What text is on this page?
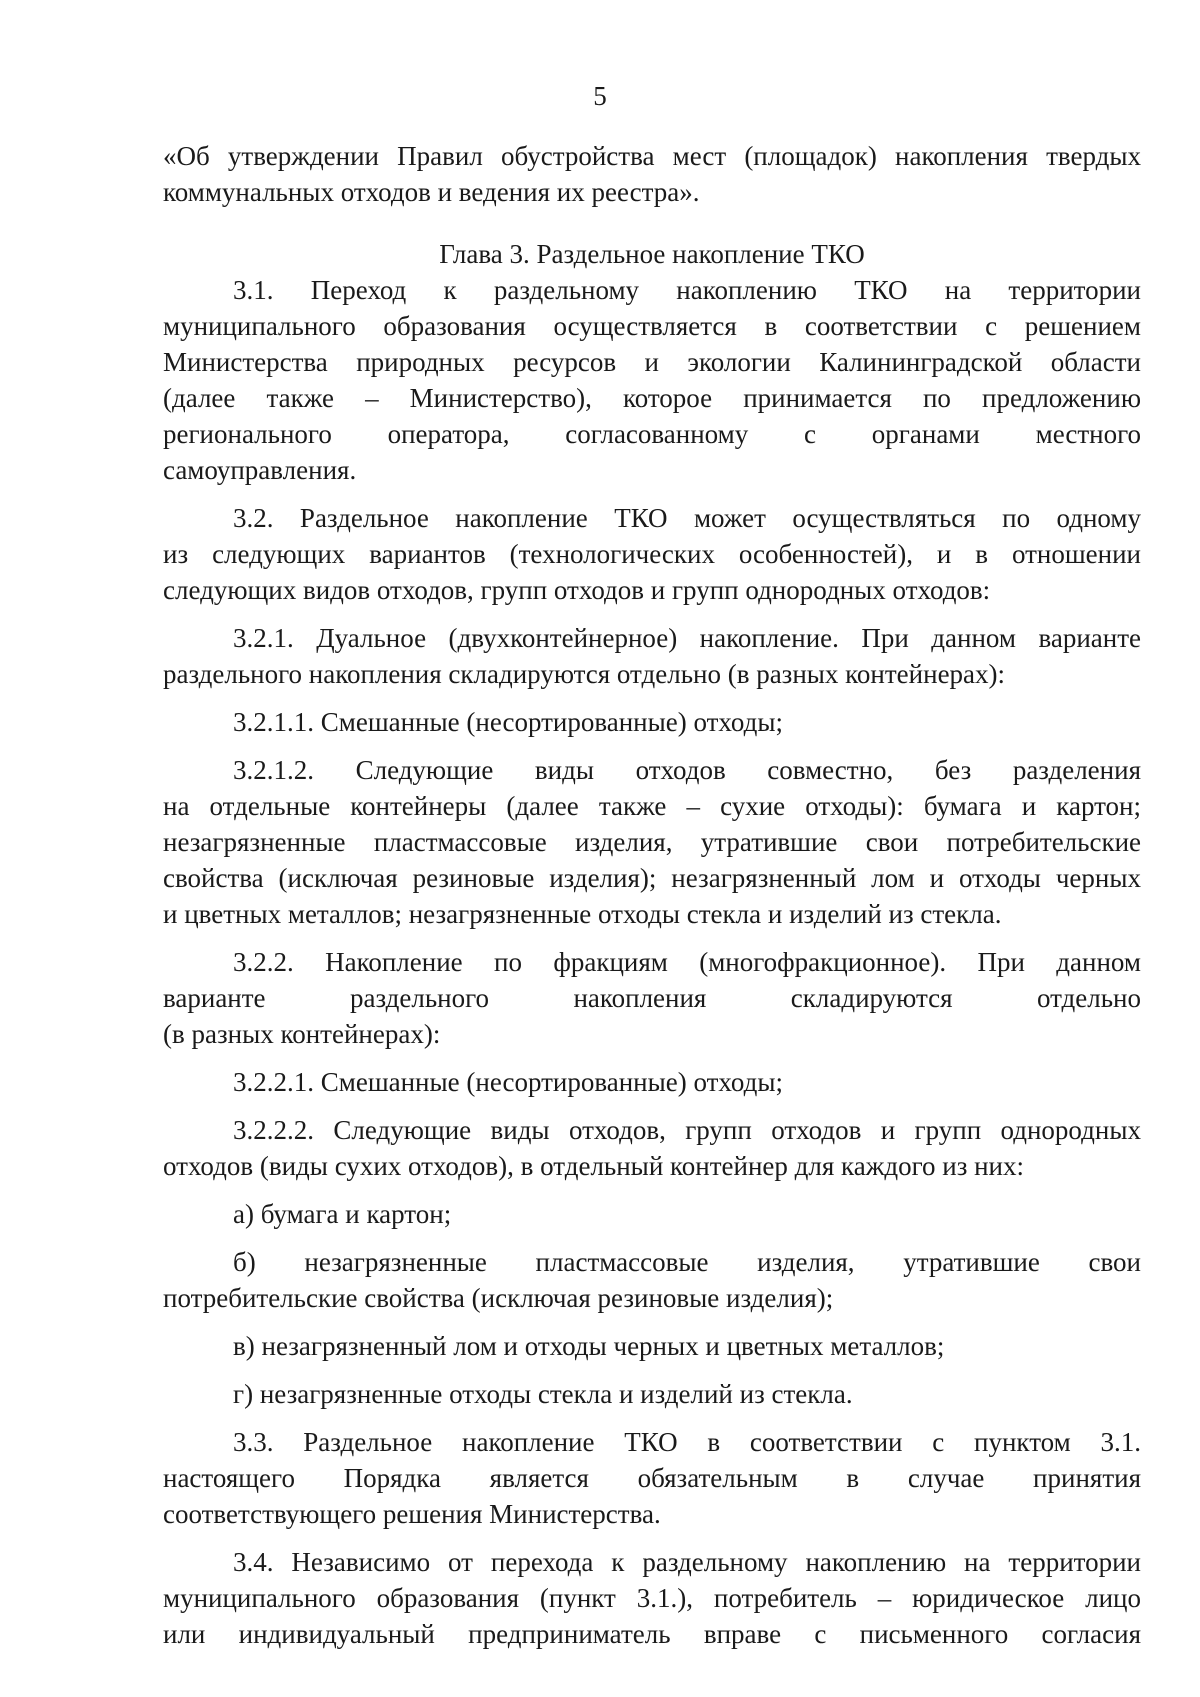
5
«Об утверждении Правил обустройства мест (площадок) накопления твердых
коммунальных отходов и ведения их реестра».
Глава 3. Раздельное накопление ТКО
3.1. Переход к раздельному накоплению ТКО на территории
муниципального образования осуществляется в соответствии с решением
Министерства природных ресурсов и экологии Калининградской области
(далее также – Министерство), которое принимается по предложению
регионального оператора, согласованному с органами местного
самоуправления.
3.2. Раздельное накопление ТКО может осуществляться по одному
из следующих вариантов (технологических особенностей), и в отношении
следующих видов отходов, групп отходов и групп однородных отходов:
3.2.1. Дуальное (двухконтейнерное) накопление. При данном варианте
раздельного накопления складируются отдельно (в разных контейнерах):
3.2.1.1. Смешанные (несортированные) отходы;
3.2.1.2. Следующие виды отходов совместно, без разделения
на отдельные контейнеры (далее также – сухие отходы): бумага и картон;
незагрязненные пластмассовые изделия, утратившие свои потребительские
свойства (исключая резиновые изделия); незагрязненный лом и отходы черных
и цветных металлов; незагрязненные отходы стекла и изделий из стекла.
3.2.2. Накопление по фракциям (многофракционное). При данном
варианте раздельного накопления складируются отдельно
(в разных контейнерах):
3.2.2.1. Смешанные (несортированные) отходы;
3.2.2.2. Следующие виды отходов, групп отходов и групп однородных
отходов (виды сухих отходов), в отдельный контейнер для каждого из них:
а) бумага и картон;
б) незагрязненные пластмассовые изделия, утратившие свои
потребительские свойства (исключая резиновые изделия);
в) незагрязненный лом и отходы черных и цветных металлов;
г) незагрязненные отходы стекла и изделий из стекла.
3.3. Раздельное накопление ТКО в соответствии с пунктом 3.1.
настоящего Порядка является обязательным в случае принятия
соответствующего решения Министерства.
3.4. Независимо от перехода к раздельному накоплению на территории
муниципального образования (пункт 3.1.), потребитель – юридическое лицо
или индивидуальный предприниматель вправе с письменного согласия
